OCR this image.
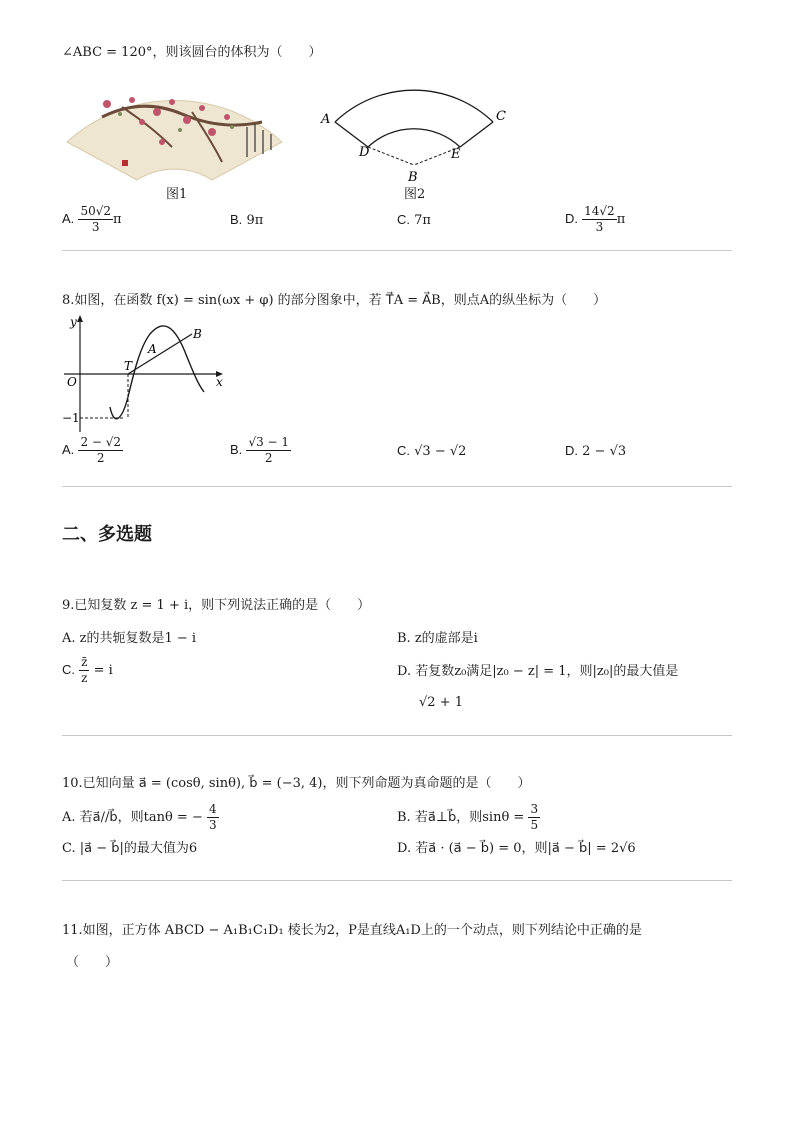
∠ABC = 120°，则该圆台的体积为（　　）
图1
A	C
D	E
B
图2
A. $\frac{50√2}{3}$ π	B. 9π	C. 7π	D. $\frac{14√2}{3}$ π
8.如图，在函数 f(x) = sin(ωx + φ) 的部分图象中，若 T⃗A = A⃗B，则点A的纵坐标为（　　）
y
x
O
T
A
B
−1
A. $\frac{2 - √2}{2}$	B. $\frac{√3 - 1}{2}$	C. √3 − √2	D. 2 − √3
二、多选题
9.已知复数 z = 1 + i，则下列说法正确的是（　　）
A. z的共轭复数是1 − i	B. z的虚部是i
C. $\frac{z̄}{z} = i$	D. 若复数z₀满足|z₀ − z| = 1，则|z₀|的最大值是
√2 + 1
10.已知向量 a⃗ = (cosθ, sinθ), b⃗ = (−3, 4)，则下列命题为真命题的是（　　）
A. 若a⃗//b⃗，则tanθ = − $\frac{4}{3}$	B. 若a⃗⊥b⃗，则$\sin\theta = \frac{3}{5}$
C. |a⃗ − b⃗|的最大值为6	D. 若a⃗ · (a⃗ − b⃗) = 0，则|a⃗ − b⃗| = 2√6
11.如图，正方体 ABCD − A₁B₁C₁D₁ 棱长为2，P是直线A₁D上的一个动点，则下列结论中正确的是
（　　）
